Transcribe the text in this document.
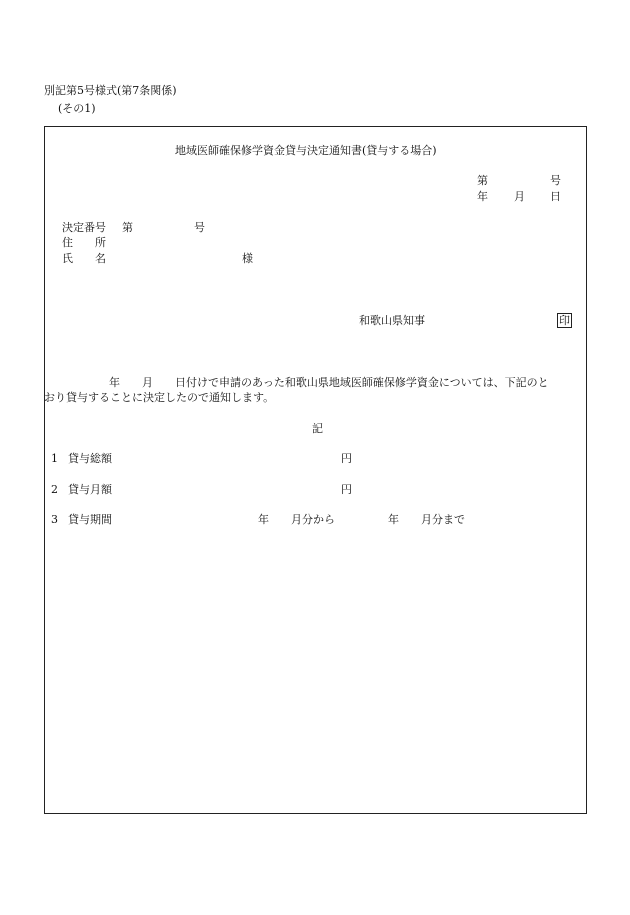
別記第5号様式(第7条関係)
(その1)
地域医師確保修学資金貸与決定通知書(貸与する場合)
第	号
年 月 日
決定番号 第	号
住　　所
氏　　名	様
和歌山県知事	印
年　　月　　日付けで申請のあった和歌山県地域医師確保修学資金については、下記のと
おり貸与することに決定したので通知します。
記
1 貸与総額	円
2 貸与月額	円
3 貸与期間	年　　月分から	年　　月分まで
